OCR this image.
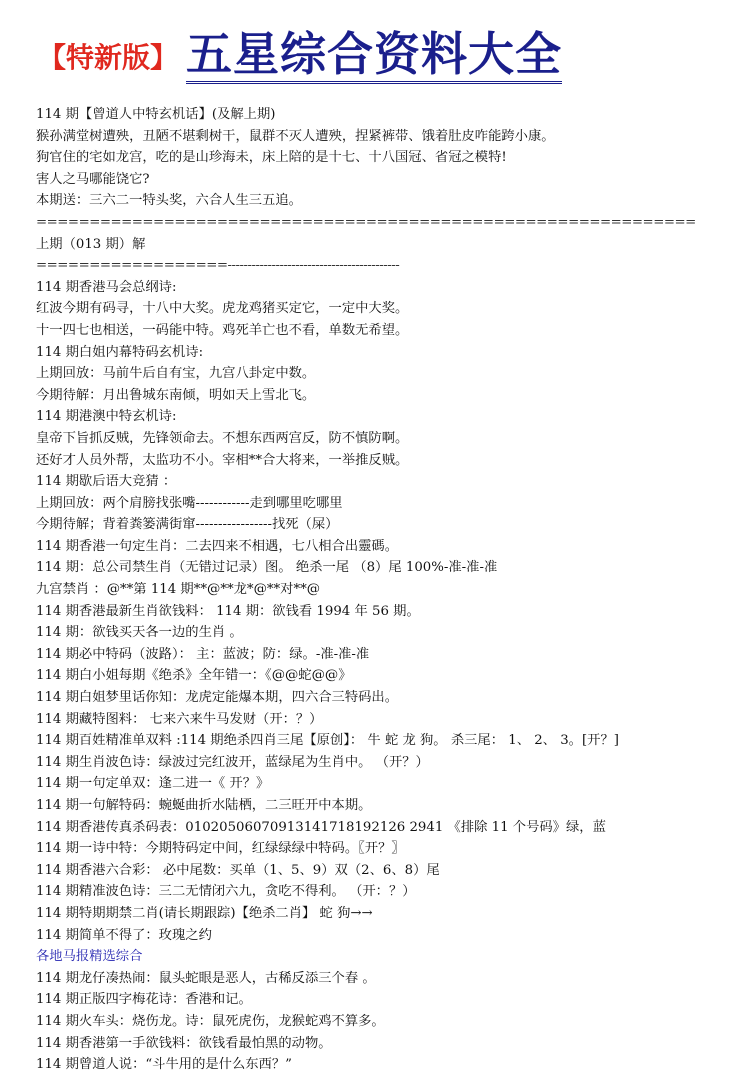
【特新版】 五星综合资料大全
114 期【曾道人中特玄机话】(及解上期)
猴孙满堂树遭殃，丑陋不堪剩树干，鼠群不灭人遭殃，捏紧裤带、饿着肚皮咋能跨小康。
狗官住的宅如龙宫，吃的是山珍海未，床上陪的是十七、十八国冠、省冠之模特!
害人之马哪能饶它?
本期送：三六二一特头奖，六合人生三五追。
==============================================================
上期（013 期）解
==================-------------------------------------------
114 期香港马会总纲诗:
红波今期有码寻，十八中大奖。虎龙鸡猪买定它，一定中大奖。
十一四七也相送，一码能中特。鸡死羊亡也不看，单数无希望。
114 期白姐内幕特码玄机诗:
上期回放：马前牛后自有宝，九宫八卦定中数。
今期待解：月出鲁城东南倾，明如天上雪北飞。
114 期港澳中特玄机诗:
皇帝下旨抓反贼，先锋领命去。不想东西两宫反，防不慎防啊。
还好才人员外帮，太监功不小。宰相**合大将来，一举推反贼。
114 期歇后语大竞猜 ：
上期回放：两个肩膀找张嘴------------走到哪里吃哪里
今期待解；背着粪篓满街窜-----------------找死（屎）
114 期香港一句定生肖：二去四来不相遇，七八相合出靈碼。
114 期：总公司禁生肖（无错过记录）图。 绝杀一尾 （8）尾 100%-准-准-准
九宫禁肖 ：@**第 114 期**@**龙*@**对**@
114 期香港最新生肖欲钱料： 114 期：欲钱看 1994 年 56 期。
114 期：欲钱买天各一边的生肖 。
114 期必中特码（波路）： 主：蓝波；防：绿。-准-准-准
114 期白小姐每期《绝杀》全年错一：《@@蛇@@》
114 期白姐梦里话你知：龙虎定能爆本期，四六合三特码出。
114 期藏特图料： 七来六来牛马发财（开：？）
114 期百姓精准单双料 :114 期绝杀四肖三尾【原创】： 牛 蛇 龙 狗。 杀三尾： 1、 2、 3。[开？]
114 期生肖波色诗：绿波过完红波开，蓝绿尾为生肖中。 （开？）
114 期一句定单双：逢二进一《 开？》
114 期一句解特码：蜿蜒曲折水陆栖，二三旺开中本期。
114 期香港传真杀码表：01020506070913141718192126 2941 《排除 11 个号码》绿，蓝
114 期一诗中特：今期特码定中间，红绿绿绿中特码。〖开？〗
114 期香港六合彩： 必中尾数：买单（1、5、9）双（2、6、8）尾
114 期精准波色诗：三二无情闭六九，贪吃不得利。 （开：？）
114 期特期期禁二肖(请长期跟踪)【绝杀二肖】 蛇 狗→→
114 期简单不得了：玫瑰之约
各地马报精选综合
114 期龙仔凑热闹：鼠头蛇眼是恶人，古稀反添三个春 。
114 期正版四字梅花诗：香港和记。
114 期火车头：烧伤龙。诗：鼠死虎伤，龙猴蛇鸡不算多。
114 期香港第一手欲钱料：欲钱看最怕黑的动物。
114 期曾道人说：“斗牛用的是什么东西？”
